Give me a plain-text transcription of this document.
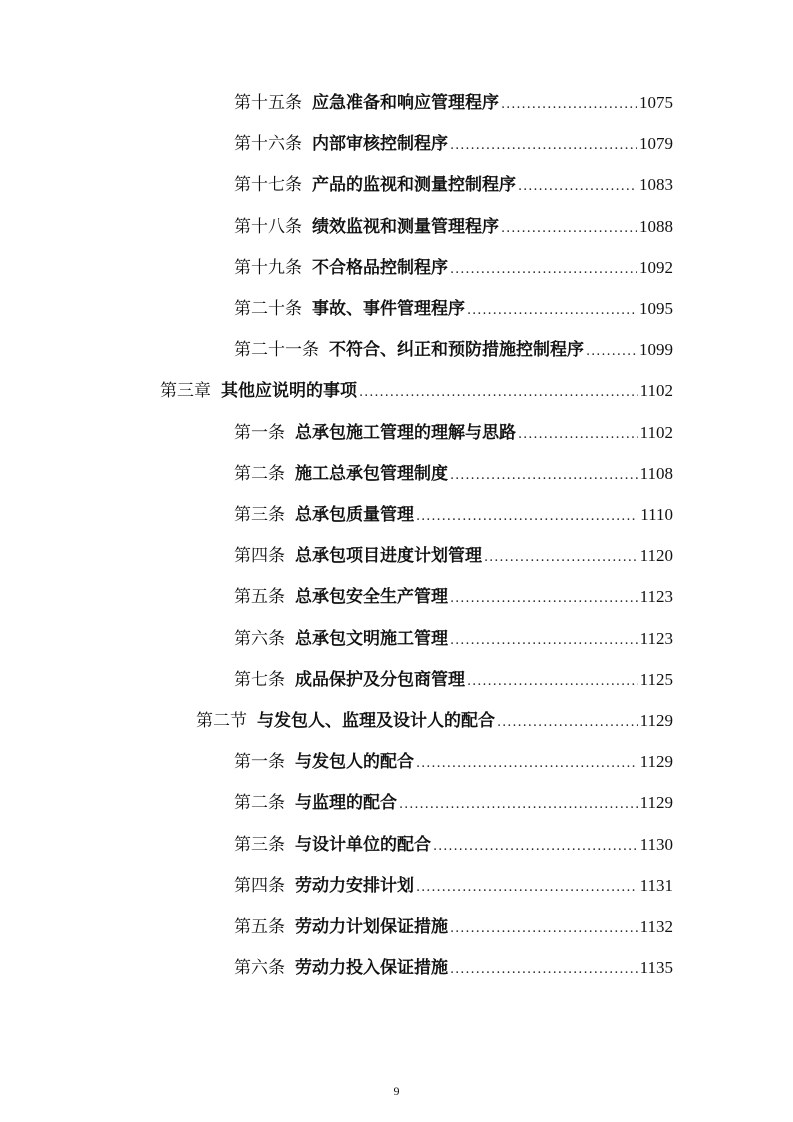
第十五条 应急准备和响应管理程序 .....	1075
第十六条 内部审核控制程序 .....	1079
第十七条 产品的监视和测量控制程序 .....	1083
第十八条 绩效监视和测量管理程序 .....	1088
第十九条 不合格品控制程序 .....	1092
第二十条 事故、事件管理程序 .....	1095
第二十一条 不符合、纠正和预防措施控制程序 .....	1099
第三章 其他应说明的事项 .....	1102
第一条 总承包施工管理的理解与思路 .....	1102
第二条 施工总承包管理制度 .....	1108
第三条 总承包质量管理 .....	1110
第四条 总承包项目进度计划管理 .....	1120
第五条 总承包安全生产管理 .....	1123
第六条 总承包文明施工管理 .....	1123
第七条 成品保护及分包商管理 .....	1125
第二节 与发包人、监理及设计人的配合 .....	1129
第一条 与发包人的配合 .....	1129
第二条 与监理的配合 .....	1129
第三条 与设计单位的配合 .....	1130
第四条 劳动力安排计划 .....	1131
第五条 劳动力计划保证措施 .....	1132
第六条 劳动力投入保证措施 .....	1135
9
